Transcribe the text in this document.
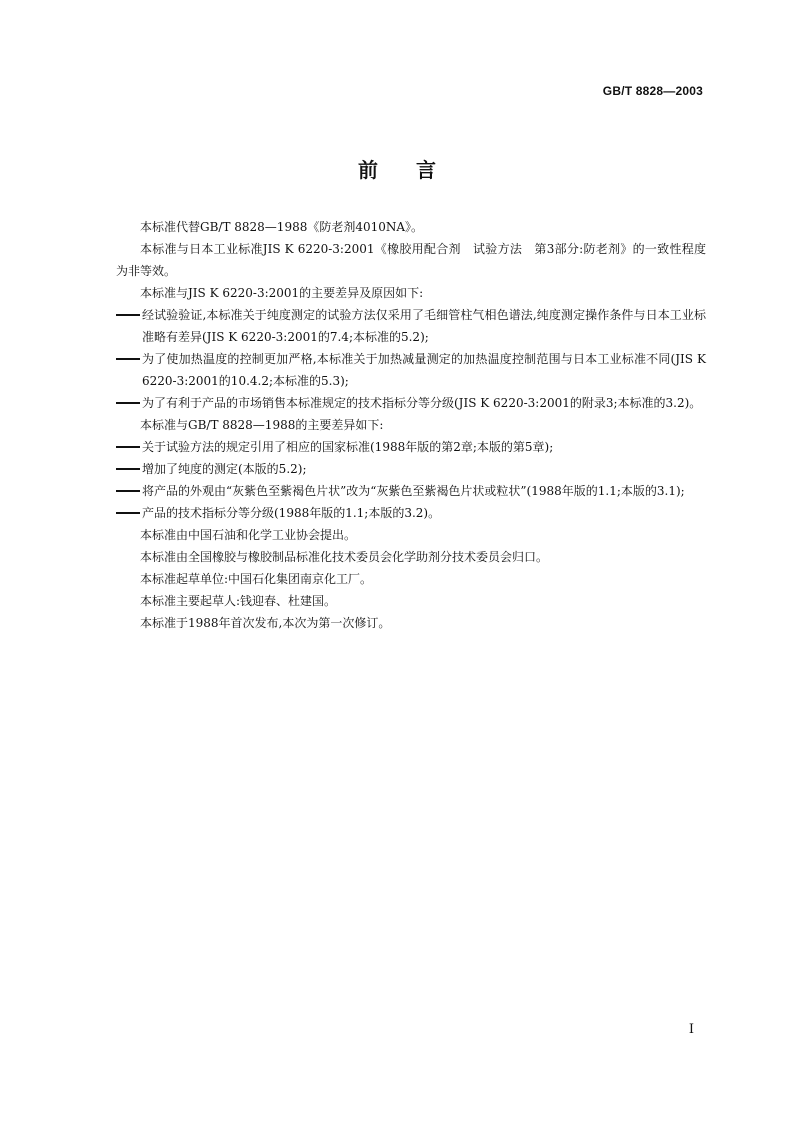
GB/T 8828—2003
前言

本标准代替GB/T 8828—1988《防老剂4010NA》。

本标准与日本工业标准JIS K 6220-3:2001《橡胶用配合剂　试验方法　第3部分:防老剂》的一致性程度为非等效。

本标准与JIS K 6220-3:2001的主要差异及原因如下:

经试验验证,本标准关于纯度测定的试验方法仅采用了毛细管柱气相色谱法,纯度测定操作条件与日本工业标准略有差异(JIS K 6220-3:2001的7.4;本标准的5.2);
为了使加热温度的控制更加严格,本标准关于加热减量测定的加热温度控制范围与日本工业标准不同(JIS K 6220-3:2001的10.4.2;本标准的5.3);
为了有利于产品的市场销售本标准规定的技术指标分等分级(JIS K 6220-3:2001的附录3;本标准的3.2)。

本标准与GB/T 8828—1988的主要差异如下:

关于试验方法的规定引用了相应的国家标准(1988年版的第2章;本版的第5章);
增加了纯度的测定(本版的5.2);
将产品的外观由“灰紫色至紫褐色片状”改为“灰紫色至紫褐色片状或粒状”(1988年版的1.1;本版的3.1);
产品的技术指标分等分级(1988年版的1.1;本版的3.2)。

本标准由中国石油和化学工业协会提出。

本标准由全国橡胶与橡胶制品标准化技术委员会化学助剂分技术委员会归口。

本标准起草单位:中国石化集团南京化工厂。

本标准主要起草人:钱迎春、杜建国。

本标准于1988年首次发布,本次为第一次修订。

I
